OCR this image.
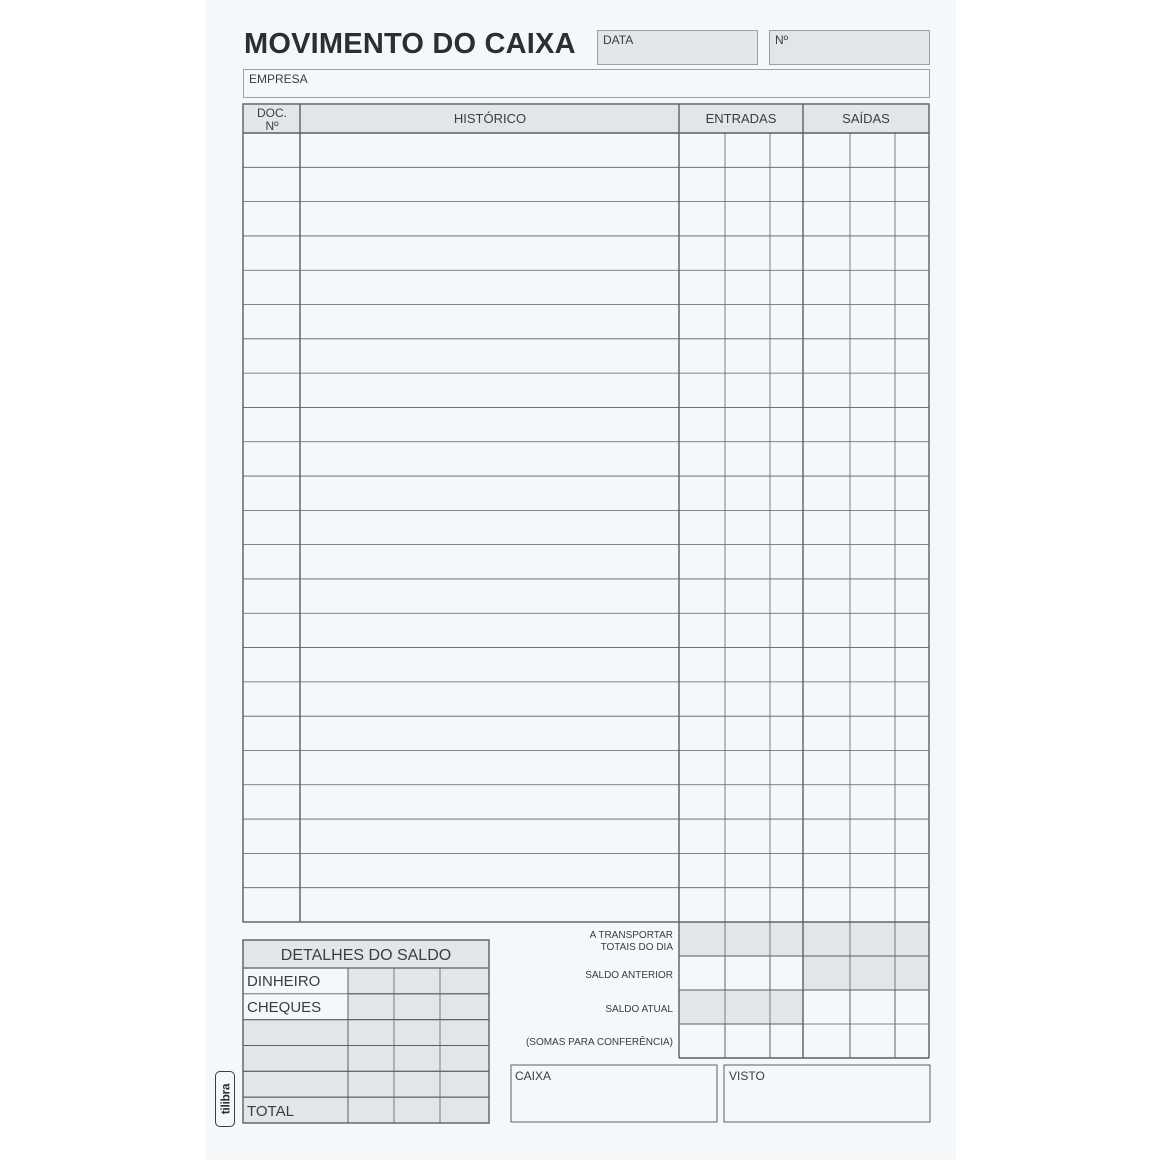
MOVIMENTO DO CAIXA DATA	Nº
EMPRESA
DOC.
Nº	HISTÓRICO	ENTRADAS	SAÍDAS
A TRANSPORTAR
TOTAIS DO DIA
SALDO ANTERIOR
SALDO ATUAL
(SOMAS PARA CONFERÊNCIA)
DETALHES DO SALDO
DINHEIRO
CHEQUES
TOTAL
CAIXA	VISTO
tilibra
